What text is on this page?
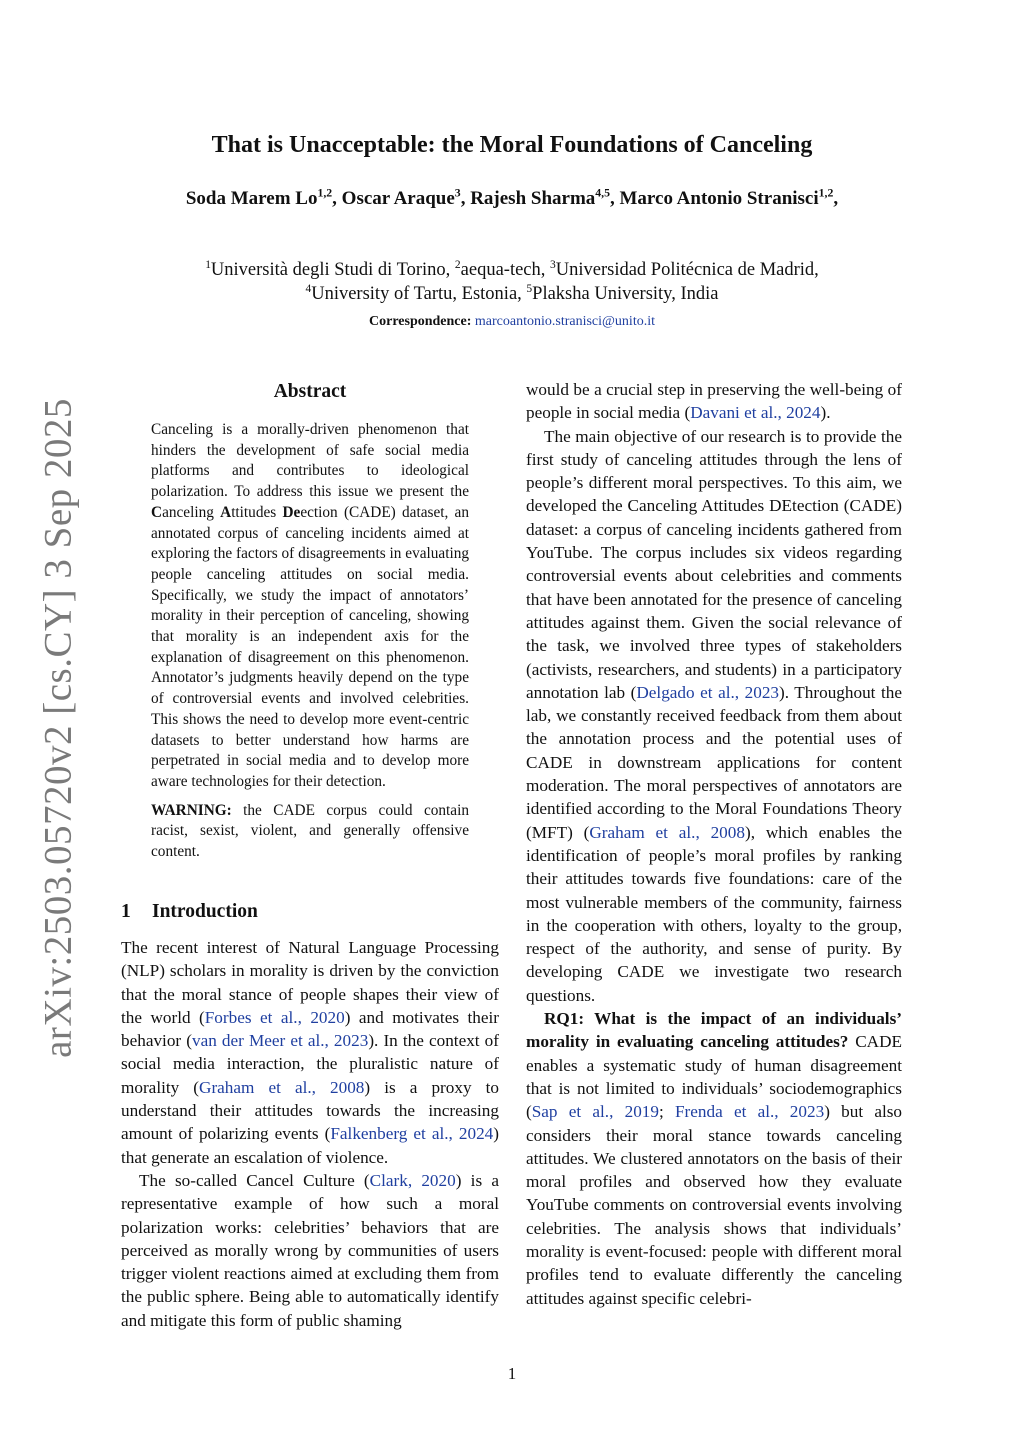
That is Unacceptable: the Moral Foundations of Canceling
Soda Marem Lo$^{1,2}$, Oscar Araque$^3$, Rajesh Sharma$^{4,5}$, Marco Antonio Stranisci$^{1,2}$,
$^1$Università degli Studi di Torino, $^2$aequa-tech, $^3$Universidad Politécnica de Madrid,
$^4$University of Tartu, Estonia, $^5$Plaksha University, India
Correspondence: marcoantonio.stranisci@unito.it
arXiv:2503.05720v2 [cs.CY] 3 Sep 2025
Abstract

Canceling is a morally-driven phenomenon that hinders the development of safe social media platforms and contributes to ideological polarization. To address this issue we present the Canceling Attitudes Deection (CADE) dataset, an annotated corpus of canceling incidents aimed at exploring the factors of disagreements in evaluating people canceling attitudes on social media. Specifically, we study the impact of annotators’ morality in their perception of canceling, showing that morality is an independent axis for the explanation of disagreement on this phenomenon. Annotator’s judgments heavily depend on the type of controversial events and involved celebrities. This shows the need to develop more event-centric datasets to better understand how harms are perpetrated in social media and to develop more aware technologies for their detection.

WARNING: the CADE corpus could contain racist, sexist, violent, and generally offensive content.

1 Introduction

The recent interest of Natural Language Processing (NLP) scholars in morality is driven by the conviction that the moral stance of people shapes their view of the world (Forbes et al., 2020) and motivates their behavior (van der Meer et al., 2023). In the context of social media interaction, the pluralistic nature of morality (Graham et al., 2008) is a proxy to understand their attitudes towards the increasing amount of polarizing events (Falkenberg et al., 2024) that generate an escalation of violence.

The so-called Cancel Culture (Clark, 2020) is a representative example of how such a moral polarization works: celebrities’ behaviors that are perceived as morally wrong by communities of users trigger violent reactions aimed at excluding them from the public sphere. Being able to automatically identify and mitigate this form of public shaming

would be a crucial step in preserving the well-being of people in social media (Davani et al., 2024).

The main objective of our research is to provide the first study of canceling attitudes through the lens of people’s different moral perspectives. To this aim, we developed the Canceling Attitudes DEtection (CADE) dataset: a corpus of canceling incidents gathered from YouTube. The corpus includes six videos regarding controversial events about celebrities and comments that have been annotated for the presence of canceling attitudes against them. Given the social relevance of the task, we involved three types of stakeholders (activists, researchers, and students) in a participatory annotation lab (Delgado et al., 2023). Throughout the lab, we constantly received feedback from them about the annotation process and the potential uses of CADE in downstream applications for content moderation. The moral perspectives of annotators are identified according to the Moral Foundations Theory (MFT) (Graham et al., 2008), which enables the identification of people’s moral profiles by ranking their attitudes towards five foundations: care of the most vulnerable members of the community, fairness in the cooperation with others, loyalty to the group, respect of the authority, and sense of purity. By developing CADE we investigate two research questions.

RQ1: What is the impact of an individuals’ morality in evaluating canceling attitudes? CADE enables a systematic study of human disagreement that is not limited to individuals’ sociodemographics (Sap et al., 2019; Frenda et al., 2023) but also considers their moral stance towards canceling attitudes. We clustered annotators on the basis of their moral profiles and observed how they evaluate YouTube comments on controversial events involving celebrities. The analysis shows that individuals’ morality is event-focused: people with different moral profiles tend to evaluate differently the canceling attitudes against specific celebri-

1
